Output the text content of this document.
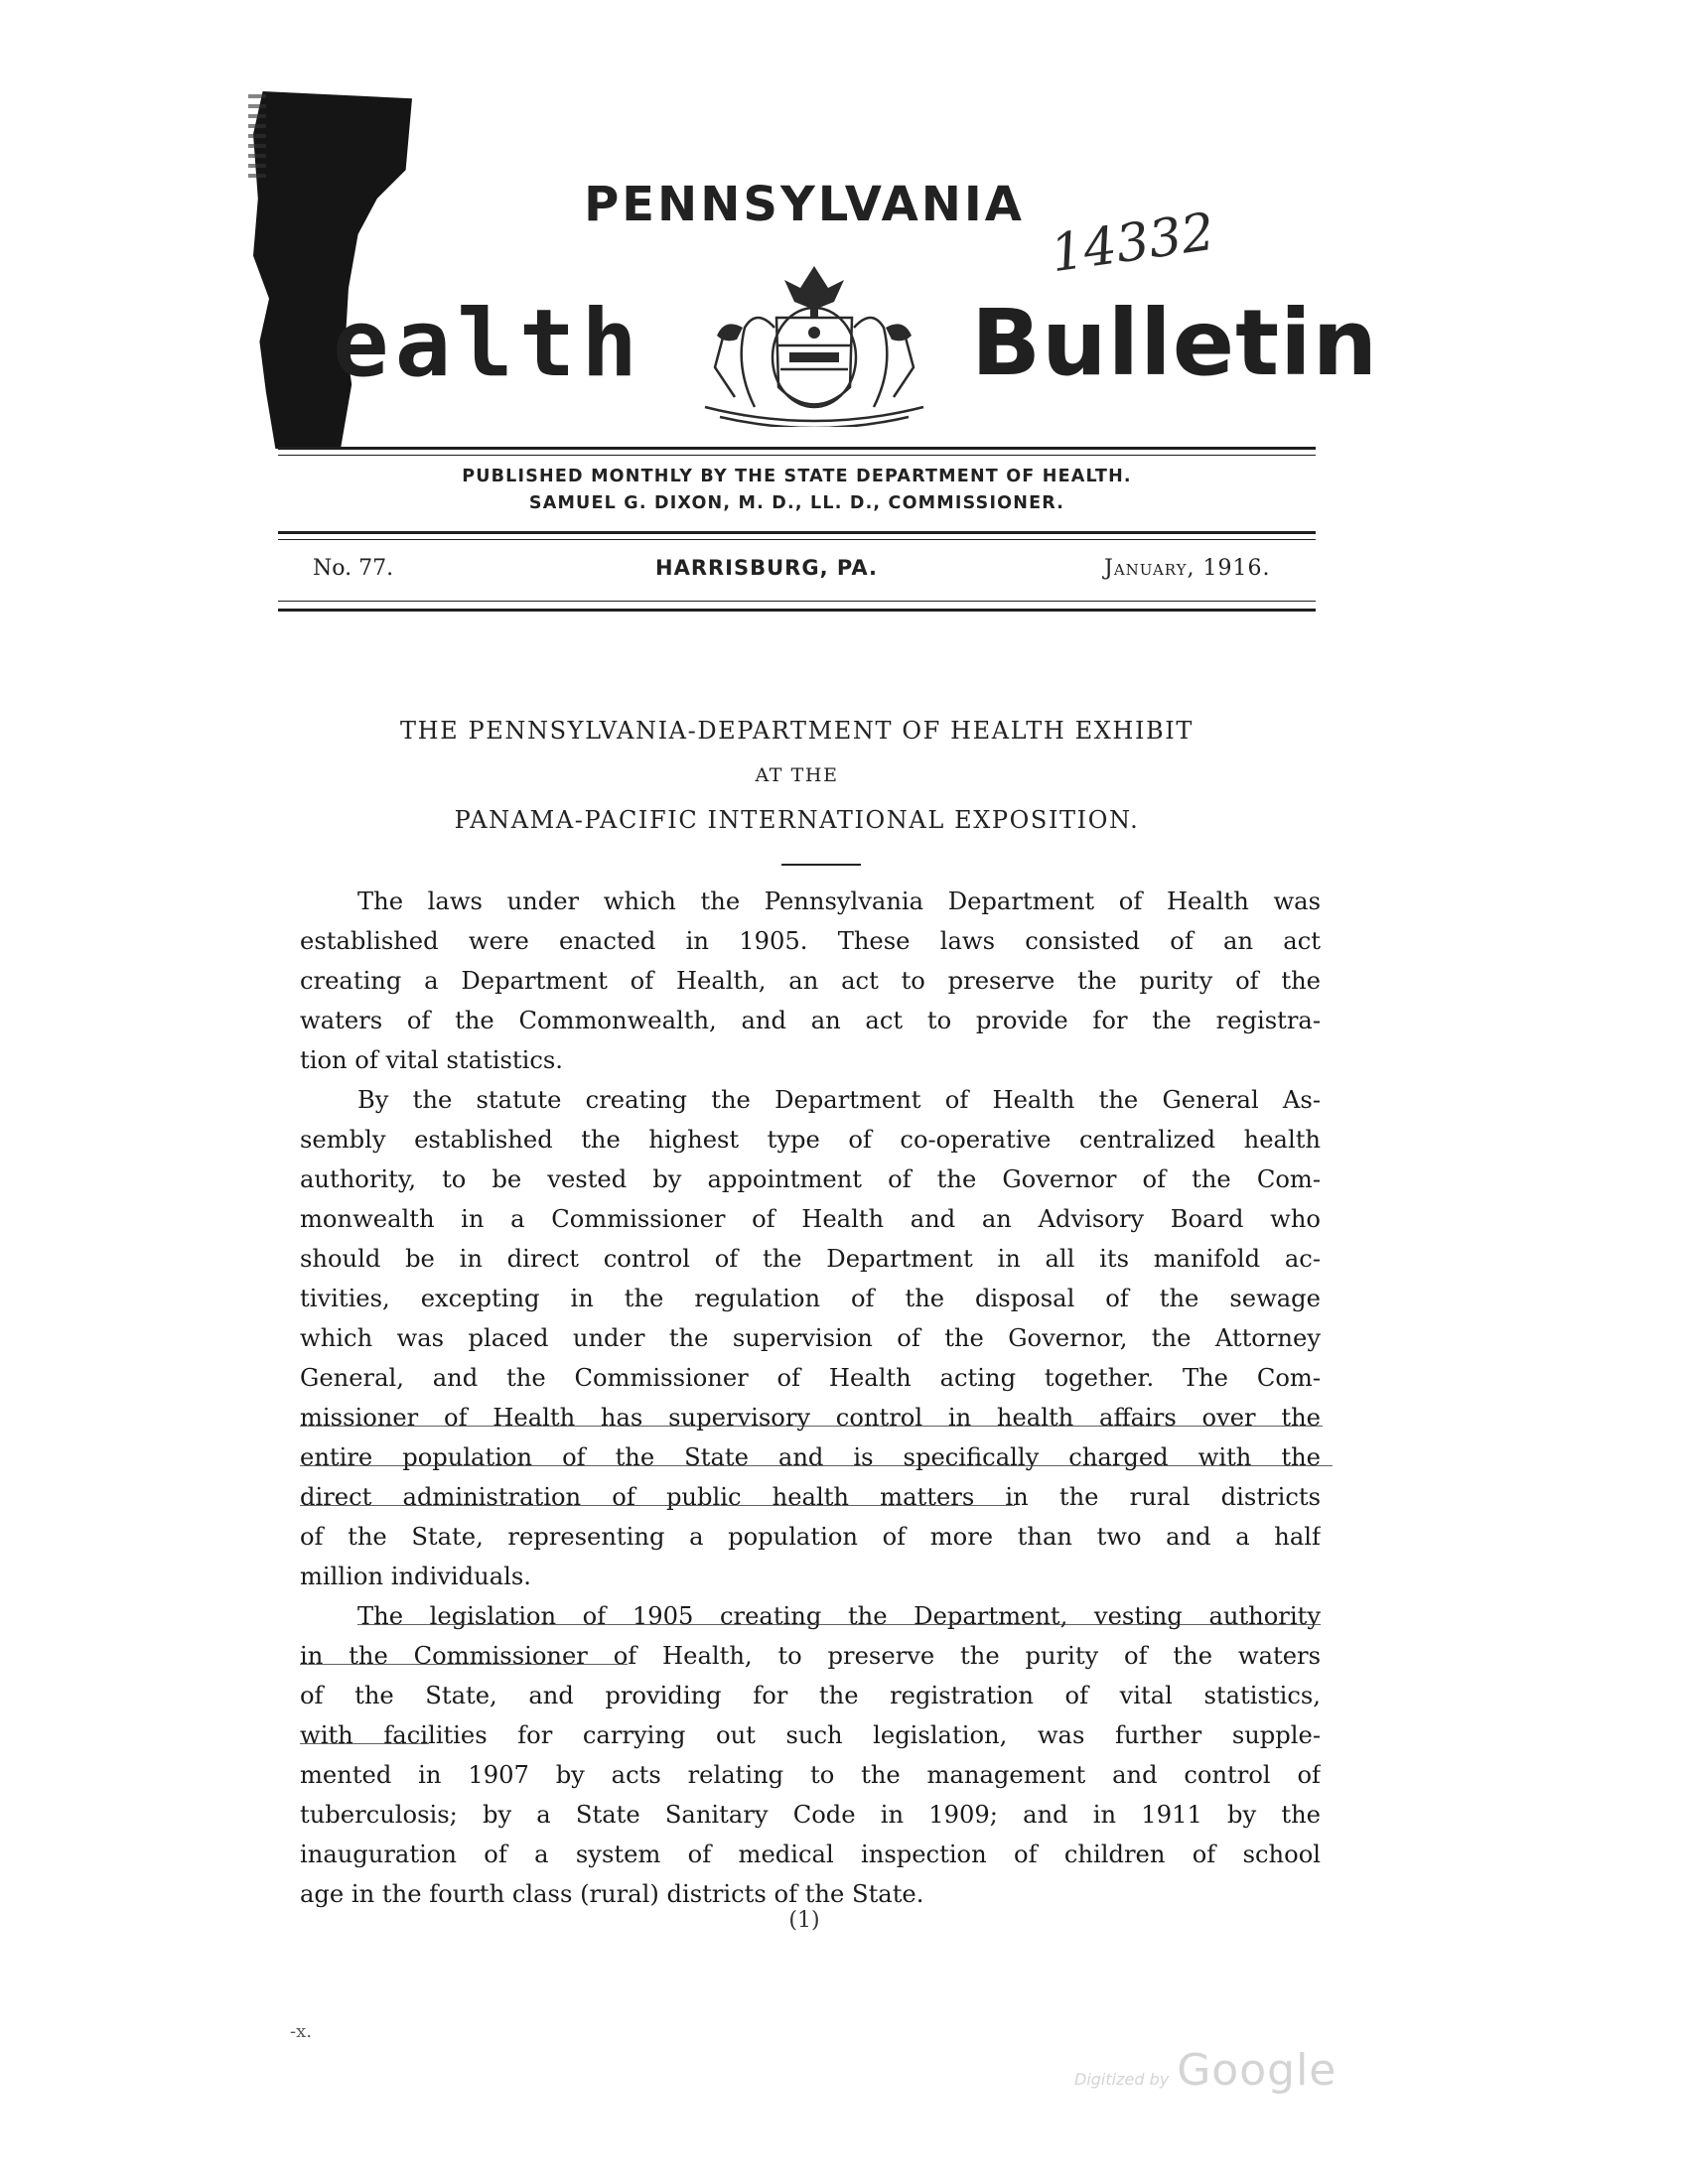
PENNSYLVANIA 14332
ealth	Bulletin
PUBLISHED MONTHLY BY THE STATE DEPARTMENT OF HEALTH.
SAMUEL G. DIXON, M. D., LL. D., COMMISSIONER.
No. 77.	HARRISBURG, PA.	January, 1916.
THE PENNSYLVANIA-DEPARTMENT OF HEALTH EXHIBIT
AT THE
PANAMA-PACIFIC INTERNATIONAL EXPOSITION.
The laws under which the Pennsylvania Department of Health was
established were enacted in 1905. These laws consisted of an act
creating a Department of Health, an act to preserve the purity of the
waters of the Commonwealth, and an act to provide for the registra-
tion of vital statistics.
By the statute creating the Department of Health the General As-
sembly established the highest type of co-operative centralized health
authority, to be vested by appointment of the Governor of the Com-
monwealth in a Commissioner of Health and an Advisory Board who
should be in direct control of the Department in all its manifold ac-
tivities, excepting in the regulation of the disposal of the sewage
which was placed under the supervision of the Governor, the Attorney
General, and the Commissioner of Health acting together. The Com-
missioner of Health has supervisory control in health affairs over the
entire population of the State and is specifically charged with the
direct administration of public health matters in the rural districts
of the State, representing a population of more than two and a half
million individuals.
The legislation of 1905 creating the Department, vesting authority
in the Commissioner of Health, to preserve the purity of the waters
of the State, and providing for the registration of vital statistics,
with facilities for carrying out such legislation, was further supple-
mented in 1907 by acts relating to the management and control of
tuberculosis; by a State Sanitary Code in 1909; and in 1911 by the
inauguration of a system of medical inspection of children of school
age in the fourth class (rural) districts of the State.
(1)
-x.
Digitized by Google
